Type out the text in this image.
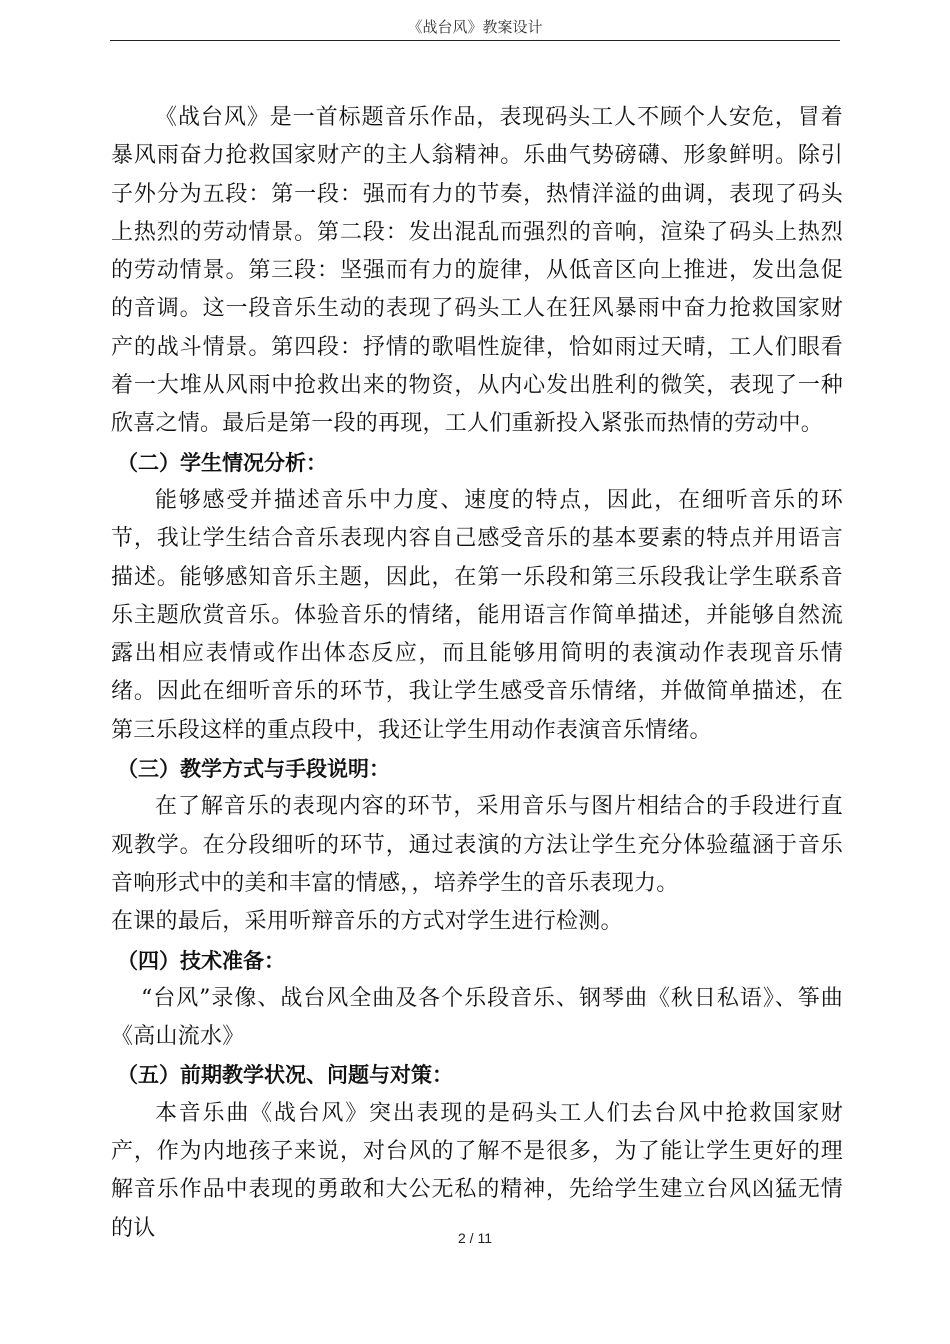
《战台风》教案设计

《战台风》是一首标题音乐作品，表现码头工人不顾个人安危，冒着暴风雨奋力抢救国家财产的主人翁精神。乐曲气势磅礴、形象鲜明。除引子外分为五段：第一段：强而有力的节奏，热情洋溢的曲调，表现了码头上热烈的劳动情景。第二段：发出混乱而强烈的音响，渲染了码头上热烈的劳动情景。第三段：坚强而有力的旋律，从低音区向上推进，发出急促的音调。这一段音乐生动的表现了码头工人在狂风暴雨中奋力抢救国家财产的战斗情景。第四段：抒情的歌唱性旋律，恰如雨过天晴，工人们眼看着一大堆从风雨中抢救出来的物资，从内心发出胜利的微笑，表现了一种欣喜之情。最后是第一段的再现，工人们重新投入紧张而热情的劳动中。

（二）学生情况分析：

能够感受并描述音乐中力度、速度的特点，因此，在细听音乐的环节，我让学生结合音乐表现内容自己感受音乐的基本要素的特点并用语言描述。能够感知音乐主题，因此，在第一乐段和第三乐段我让学生联系音乐主题欣赏音乐。体验音乐的情绪，能用语言作简单描述，并能够自然流露出相应表情或作出体态反应，而且能够用简明的表演动作表现音乐情绪。因此在细听音乐的环节，我让学生感受音乐情绪，并做简单描述，在第三乐段这样的重点段中，我还让学生用动作表演音乐情绪。

（三）教学方式与手段说明：

在了解音乐的表现内容的环节，采用音乐与图片相结合的手段进行直观教学。在分段细听的环节，通过表演的方法让学生充分体验蕴涵于音乐音响形式中的美和丰富的情感，，培养学生的音乐表现力。

在课的最后，采用听辩音乐的方式对学生进行检测。

（四）技术准备：

“台风”录像、战台风全曲及各个乐段音乐、钢琴曲《秋日私语》、筝曲《高山流水》

（五）前期教学状况、问题与对策：

本音乐曲《战台风》突出表现的是码头工人们去台风中抢救国家财产，作为内地孩子来说，对台风的了解不是很多，为了能让学生更好的理解音乐作品中表现的勇敢和大公无私的精神，先给学生建立台风凶猛无情的认	2 / 11
